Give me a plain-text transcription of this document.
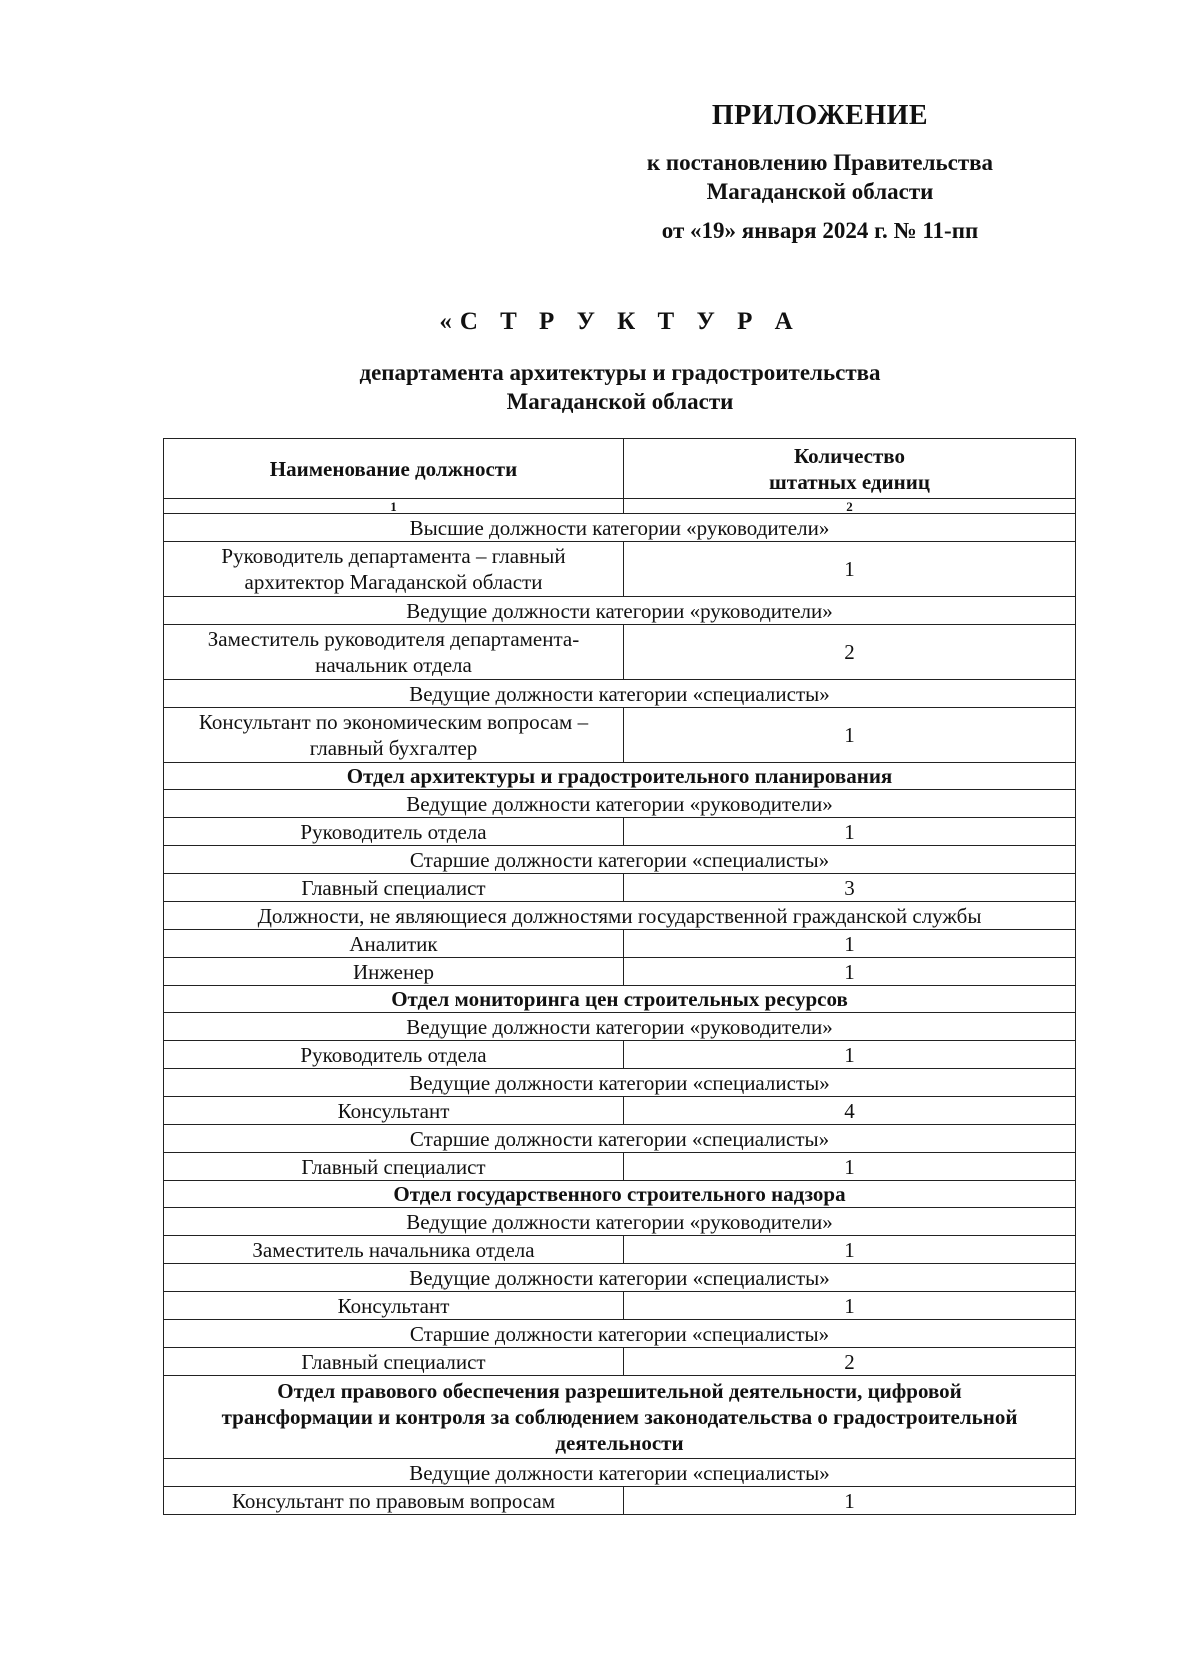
ПРИЛОЖЕНИЕ
к постановлению Правительства
Магаданской области
от «19» января 2024 г. № 11-пп
«С Т Р У К Т У Р А
департамента архитектуры и градостроительства
Магаданской области
Наименование должности	Количество штатных единиц
1	2
Высшие должности категории «руководители»	
Руководитель департамента – главный архитектор Магаданской области	1
Ведущие должности категории «руководители»	
Заместитель руководителя департамента-начальник отдела	2
Ведущие должности категории «специалисты»	
Консультант по экономическим вопросам – главный бухгалтер	1
Отдел архитектуры и градостроительного планирования	
Ведущие должности категории «руководители»	
Руководитель отдела	1
Старшие должности категории «специалисты»	
Главный специалист	3
Должности, не являющиеся должностями государственной гражданской службы	
Аналитик	1
Инженер	1
Отдел мониторинга цен строительных ресурсов	
Ведущие должности категории «руководители»	
Руководитель отдела	1
Ведущие должности категории «специалисты»	
Консультант	4
Старшие должности категории «специалисты»	
Главный специалист	1
Отдел государственного строительного надзора	
Ведущие должности категории «руководители»	
Заместитель начальника отдела	1
Ведущие должности категории «специалисты»	
Консультант	1
Старшие должности категории «специалисты»	
Главный специалист	2
Отдел правового обеспечения разрешительной деятельности, цифровой трансформации и контроля за соблюдением законодательства о градостроительной деятельности	
Ведущие должности категории «специалисты»	
Консультант по правовым вопросам	1
